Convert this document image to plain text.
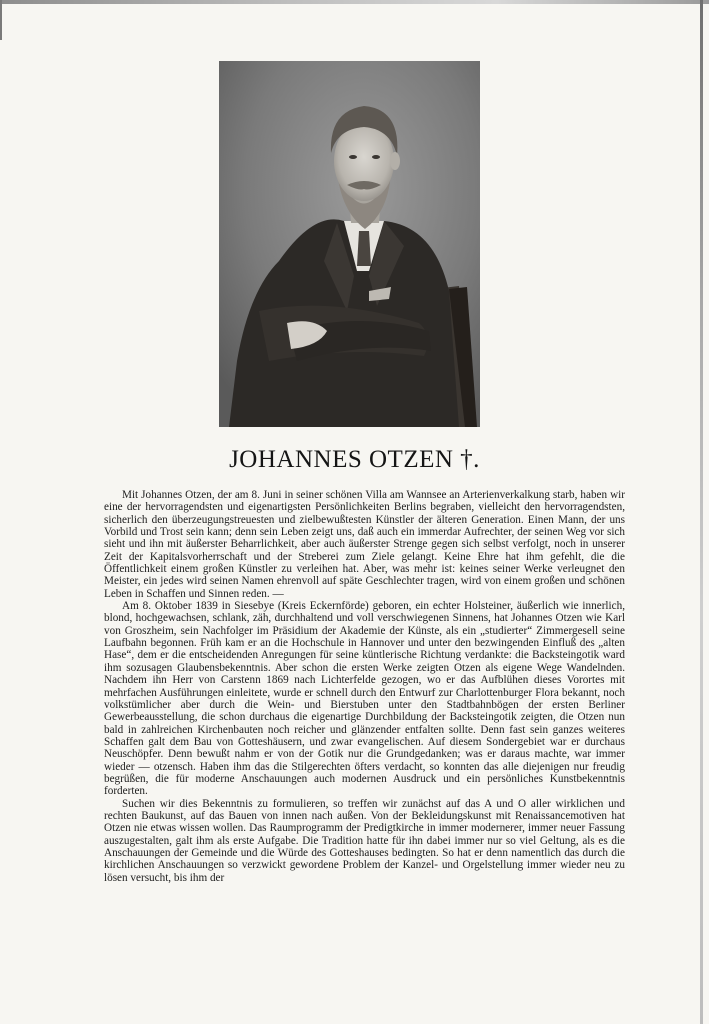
JOHANNES OTZEN †.

Mit Johannes Otzen, der am 8. Juni in seiner schönen Villa am Wannsee an Arterienverkalkung starb, haben wir eine der hervorragendsten und eigenartigsten Persönlichkeiten Berlins begraben, vielleicht den hervorragendsten, sicherlich den überzeugungstreuesten und zielbewußtesten Künstler der älteren Generation. Einen Mann, der uns Vorbild und Trost sein kann; denn sein Leben zeigt uns, daß auch ein immerdar Aufrechter, der seinen Weg vor sich sieht und ihn mit äußerster Beharrlichkeit, aber auch äußerster Strenge gegen sich selbst verfolgt, noch in unserer Zeit der Kapitalsvorherrschaft und der Streberei zum Ziele gelangt. Keine Ehre hat ihm gefehlt, die die Öffentlichkeit einem großen Künstler zu verleihen hat. Aber, was mehr ist: keines seiner Werke verleugnet den Meister, ein jedes wird seinen Namen ehrenvoll auf späte Geschlechter tragen, wird von einem großen und schönen Leben in Schaffen und Sinnen reden. —

Am 8. Oktober 1839 in Siesebye (Kreis Eckernförde) geboren, ein echter Holsteiner, äußerlich wie innerlich, blond, hochgewachsen, schlank, zäh, durchhaltend und voll verschwiegenen Sinnens, hat Johannes Otzen wie Karl von Groszheim, sein Nachfolger im Präsidium der Akademie der Künste, als ein „studierter“ Zimmergesell seine Laufbahn begonnen. Früh kam er an die Hochschule in Hannover und unter den bezwingenden Einfluß des „alten Hase“, dem er die entscheidenden Anregungen für seine küntlerische Richtung verdankte: die Backsteingotik ward ihm sozusagen Glaubensbekenntnis. Aber schon die ersten Werke zeigten Otzen als eigene Wege Wandelnden. Nachdem ihn Herr von Carstenn 1869 nach Lichterfelde gezogen, wo er das Aufblühen dieses Vorortes mit mehrfachen Ausführungen einleitete, wurde er schnell durch den Entwurf zur Charlottenburger Flora bekannt, noch volkstümlicher aber durch die Wein- und Bierstuben unter den Stadtbahnbögen der ersten Berliner Gewerbeausstellung, die schon durchaus die eigenartige Durchbildung der Backsteingotik zeigten, die Otzen nun bald in zahlreichen Kirchenbauten noch reicher und glänzender entfalten sollte. Denn fast sein ganzes weiteres Schaffen galt dem Bau von Gotteshäusern, und zwar evangelischen. Auf diesem Sondergebiet war er durchaus Neuschöpfer. Denn bewußt nahm er von der Gotik nur die Grundgedanken; was er daraus machte, war immer wieder — otzensch. Haben ihm das die Stilgerechten öfters verdacht, so konnten das alle diejenigen nur freudig begrüßen, die für moderne Anschauungen auch modernen Ausdruck und ein persönliches Kunstbekenntnis forderten.

Suchen wir dies Bekenntnis zu formulieren, so treffen wir zunächst auf das A und O aller wirklichen und rechten Baukunst, auf das Bauen von innen nach außen. Von der Bekleidungskunst mit Renaissancemotiven hat Otzen nie etwas wissen wollen. Das Raumprogramm der Predigtkirche in immer modernerer, immer neuer Fassung auszugestalten, galt ihm als erste Aufgabe. Die Tradition hatte für ihn dabei immer nur so viel Geltung, als es die Anschauungen der Gemeinde und die Würde des Gotteshauses bedingten. So hat er denn namentlich das durch die kirchlichen Anschauungen so verzwickt gewordene Problem der Kanzel- und Orgelstellung immer wieder neu zu lösen versucht, bis ihm der
